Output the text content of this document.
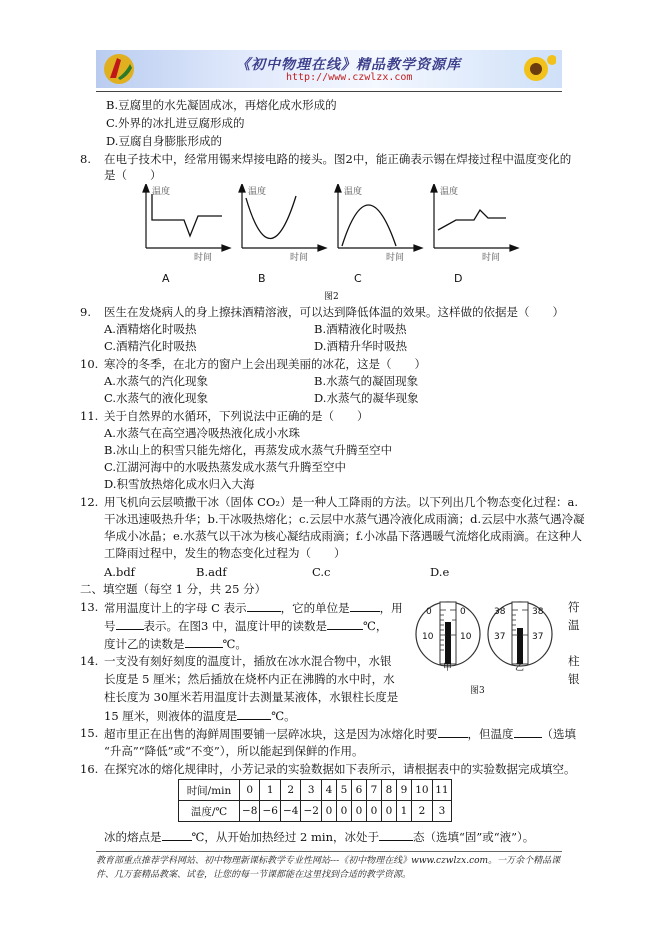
《初中物理在线》精品教学资源库
http://www.czwlzx.com
B.豆腐里的水先凝固成冰，再熔化成水形成的
C.外界的冰扎进豆腐形成的
D.豆腐自身膨胀形成的
8. 在电子技术中，经常用锡来焊接电路的接头。图2中，能正确表示锡在焊接过程中温度变化的
是（　　）
温度
时间
温度
时间
温度
时间
温度
时间
A	B	C	D
图2
9. 医生在发烧病人的身上擦抹酒精溶液，可以达到降低体温的效果。这样做的依据是（　　）
A.酒精熔化时吸热	B.酒精液化时吸热
C.酒精汽化时吸热	D.酒精升华时吸热
10. 寒冷的冬季，在北方的窗户上会出现美丽的冰花，这是（　　）
A.水蒸气的汽化现象	B.水蒸气的凝固现象
C.水蒸气的液化现象	D.水蒸气的凝华现象
11. 关于自然界的水循环，下列说法中正确的是（　　）
A.水蒸气在高空遇冷吸热液化成小水珠
B.冰山上的积雪只能先熔化，再蒸发成水蒸气升腾至空中
C.江湖河海中的水吸热蒸发成水蒸气升腾至空中
D.积雪放热熔化成水归入大海
12. 用飞机向云层喷撒干冰（固体 CO₂）是一种人工降雨的方法。以下列出几个物态变化过程：a.
干冰迅速吸热升华；b.干冰吸热熔化；c.云层中水蒸气遇冷液化成雨滴；d.云层中水蒸气遇冷凝
华成小冰晶；e.水蒸气以干冰为核心凝结成雨滴；f.小冰晶下落遇暖气流熔化成雨滴。在这种人
工降雨过程中，发生的物态变化过程为（　　）
A.bdf	B.adf	C.c	D.e
二、填空题（每空 1 分，共 25 分）
13. 常用温度计上的字母 C 表示	，它的单位是	，用	符
号 表示。在图3 中，温度计甲的读数是	℃，	温
度计乙的读数是	℃。
0	0
10	10
甲
38	38
37	37
乙
图3
14. 一支没有刻好刻度的温度计，插放在冰水混合物中，水银	柱
长度是 5 厘米；然后插放在烧杯内正在沸腾的水中时，水	银
柱长度为 30厘米若用温度计去测量某液体，水银柱长度是
15 厘米，则液体的温度是	℃。
15. 超市里正在出售的海鲜周围要铺一层碎冰块，这是因为冰熔化时要	，但温度 （选填
“升高”“降低”或“不变”），所以能起到保鲜的作用。
16. 在探究冰的熔化规律时，小芳记录的实验数据如下表所示，请根据表中的实验数据完成填空。
时间/min	0	1	2	3	4	5	6	7	8	9	10	11
温度/℃	−8	−6	−4	−2	0	0	0	0	0	1	2	3
冰的熔点是	℃，从开始加热经过 2 min，冰处于	态（选填“固”或“液”）。
教育部重点推荐学科网站、初中物理新课标教学专业性网站---《初中物理在线》www.czwlzx.com。一万余个精品课
件、几万套精品教案、试卷，让您的每一节课都能在这里找到合适的教学资源。
